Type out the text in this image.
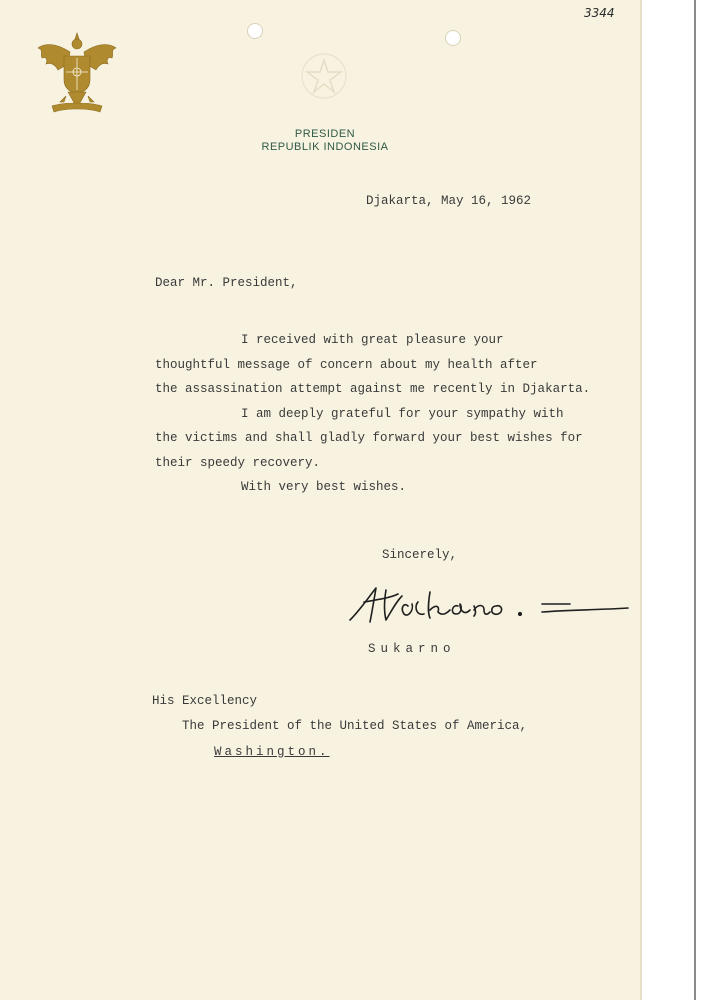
3344
PRESIDEN
REPUBLIK INDONESIA
Djakarta, May 16, 1962
Dear Mr. President,
I received with great pleasure your
thoughtful message of concern about my health after
the assassination attempt against me recently in Djakarta.
I am deeply grateful for your sympathy with
the victims and shall gladly forward your best wishes for
their speedy recovery.
With very best wishes.
Sincerely,
Sukarno
His Excellency
The President of the United States of America,
Washington.
